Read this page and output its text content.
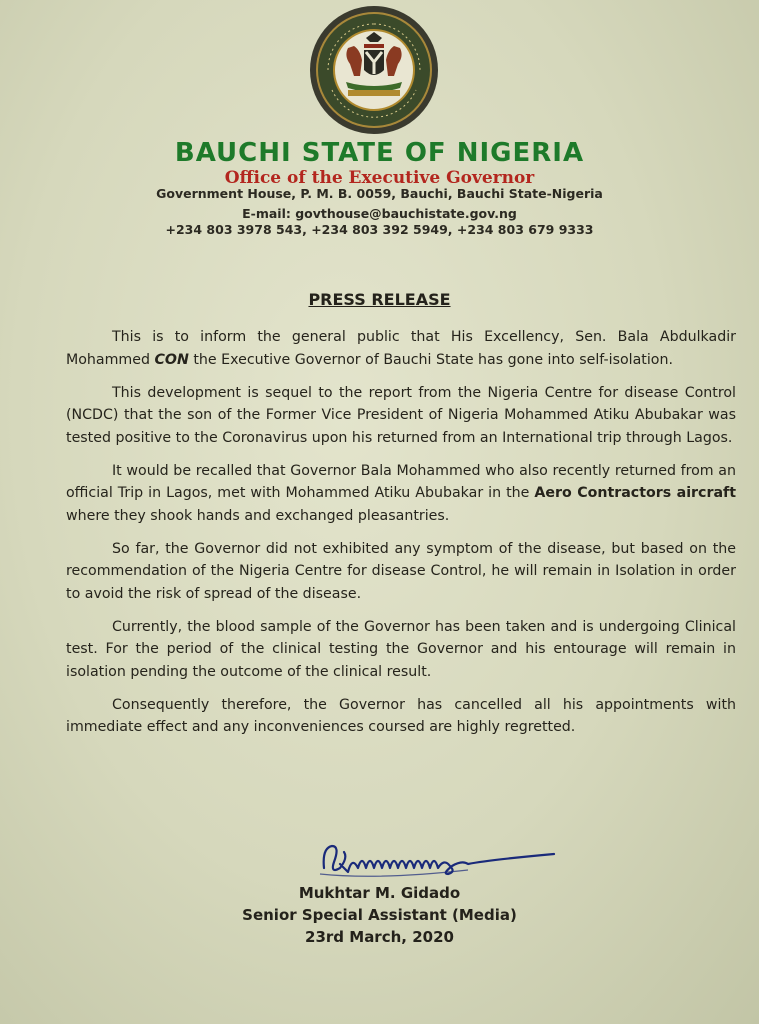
BAUCHI STATE OF NIGERIA
Office of the Executive Governor
Government House, P. M. B. 0059, Bauchi, Bauchi State-Nigeria
E-mail: govthouse@bauchistate.gov.ng
+234 803 3978 543, +234 803 392 5949, +234 803 679 9333
PRESS RELEASE

This is to inform the general public that His Excellency, Sen. Bala Abdulkadir Mohammed CON the Executive Governor of Bauchi State has gone into self-isolation.

This development is sequel to the report from the Nigeria Centre for disease Control (NCDC) that the son of the Former Vice President of Nigeria Mohammed Atiku Abubakar was tested positive to the Coronavirus upon his returned from an International trip through Lagos.

It would be recalled that Governor Bala Mohammed who also recently returned from an official Trip in Lagos, met with Mohammed Atiku Abubakar in the Aero Contractors aircraft where they shook hands and exchanged pleasantries.

So far, the Governor did not exhibited any symptom of the disease, but based on the recommendation of the Nigeria Centre for disease Control, he will remain in Isolation in order to avoid the risk of spread of the disease.

Currently, the blood sample of the Governor has been taken and is undergoing Clinical test. For the period of the clinical testing the Governor and his entourage will remain in isolation pending the outcome of the clinical result.

Consequently therefore, the Governor has cancelled all his appointments with immediate effect and any inconveniences coursed are highly regretted.

Mukhtar M. Gidado
Senior Special Assistant (Media)
23rd March, 2020
